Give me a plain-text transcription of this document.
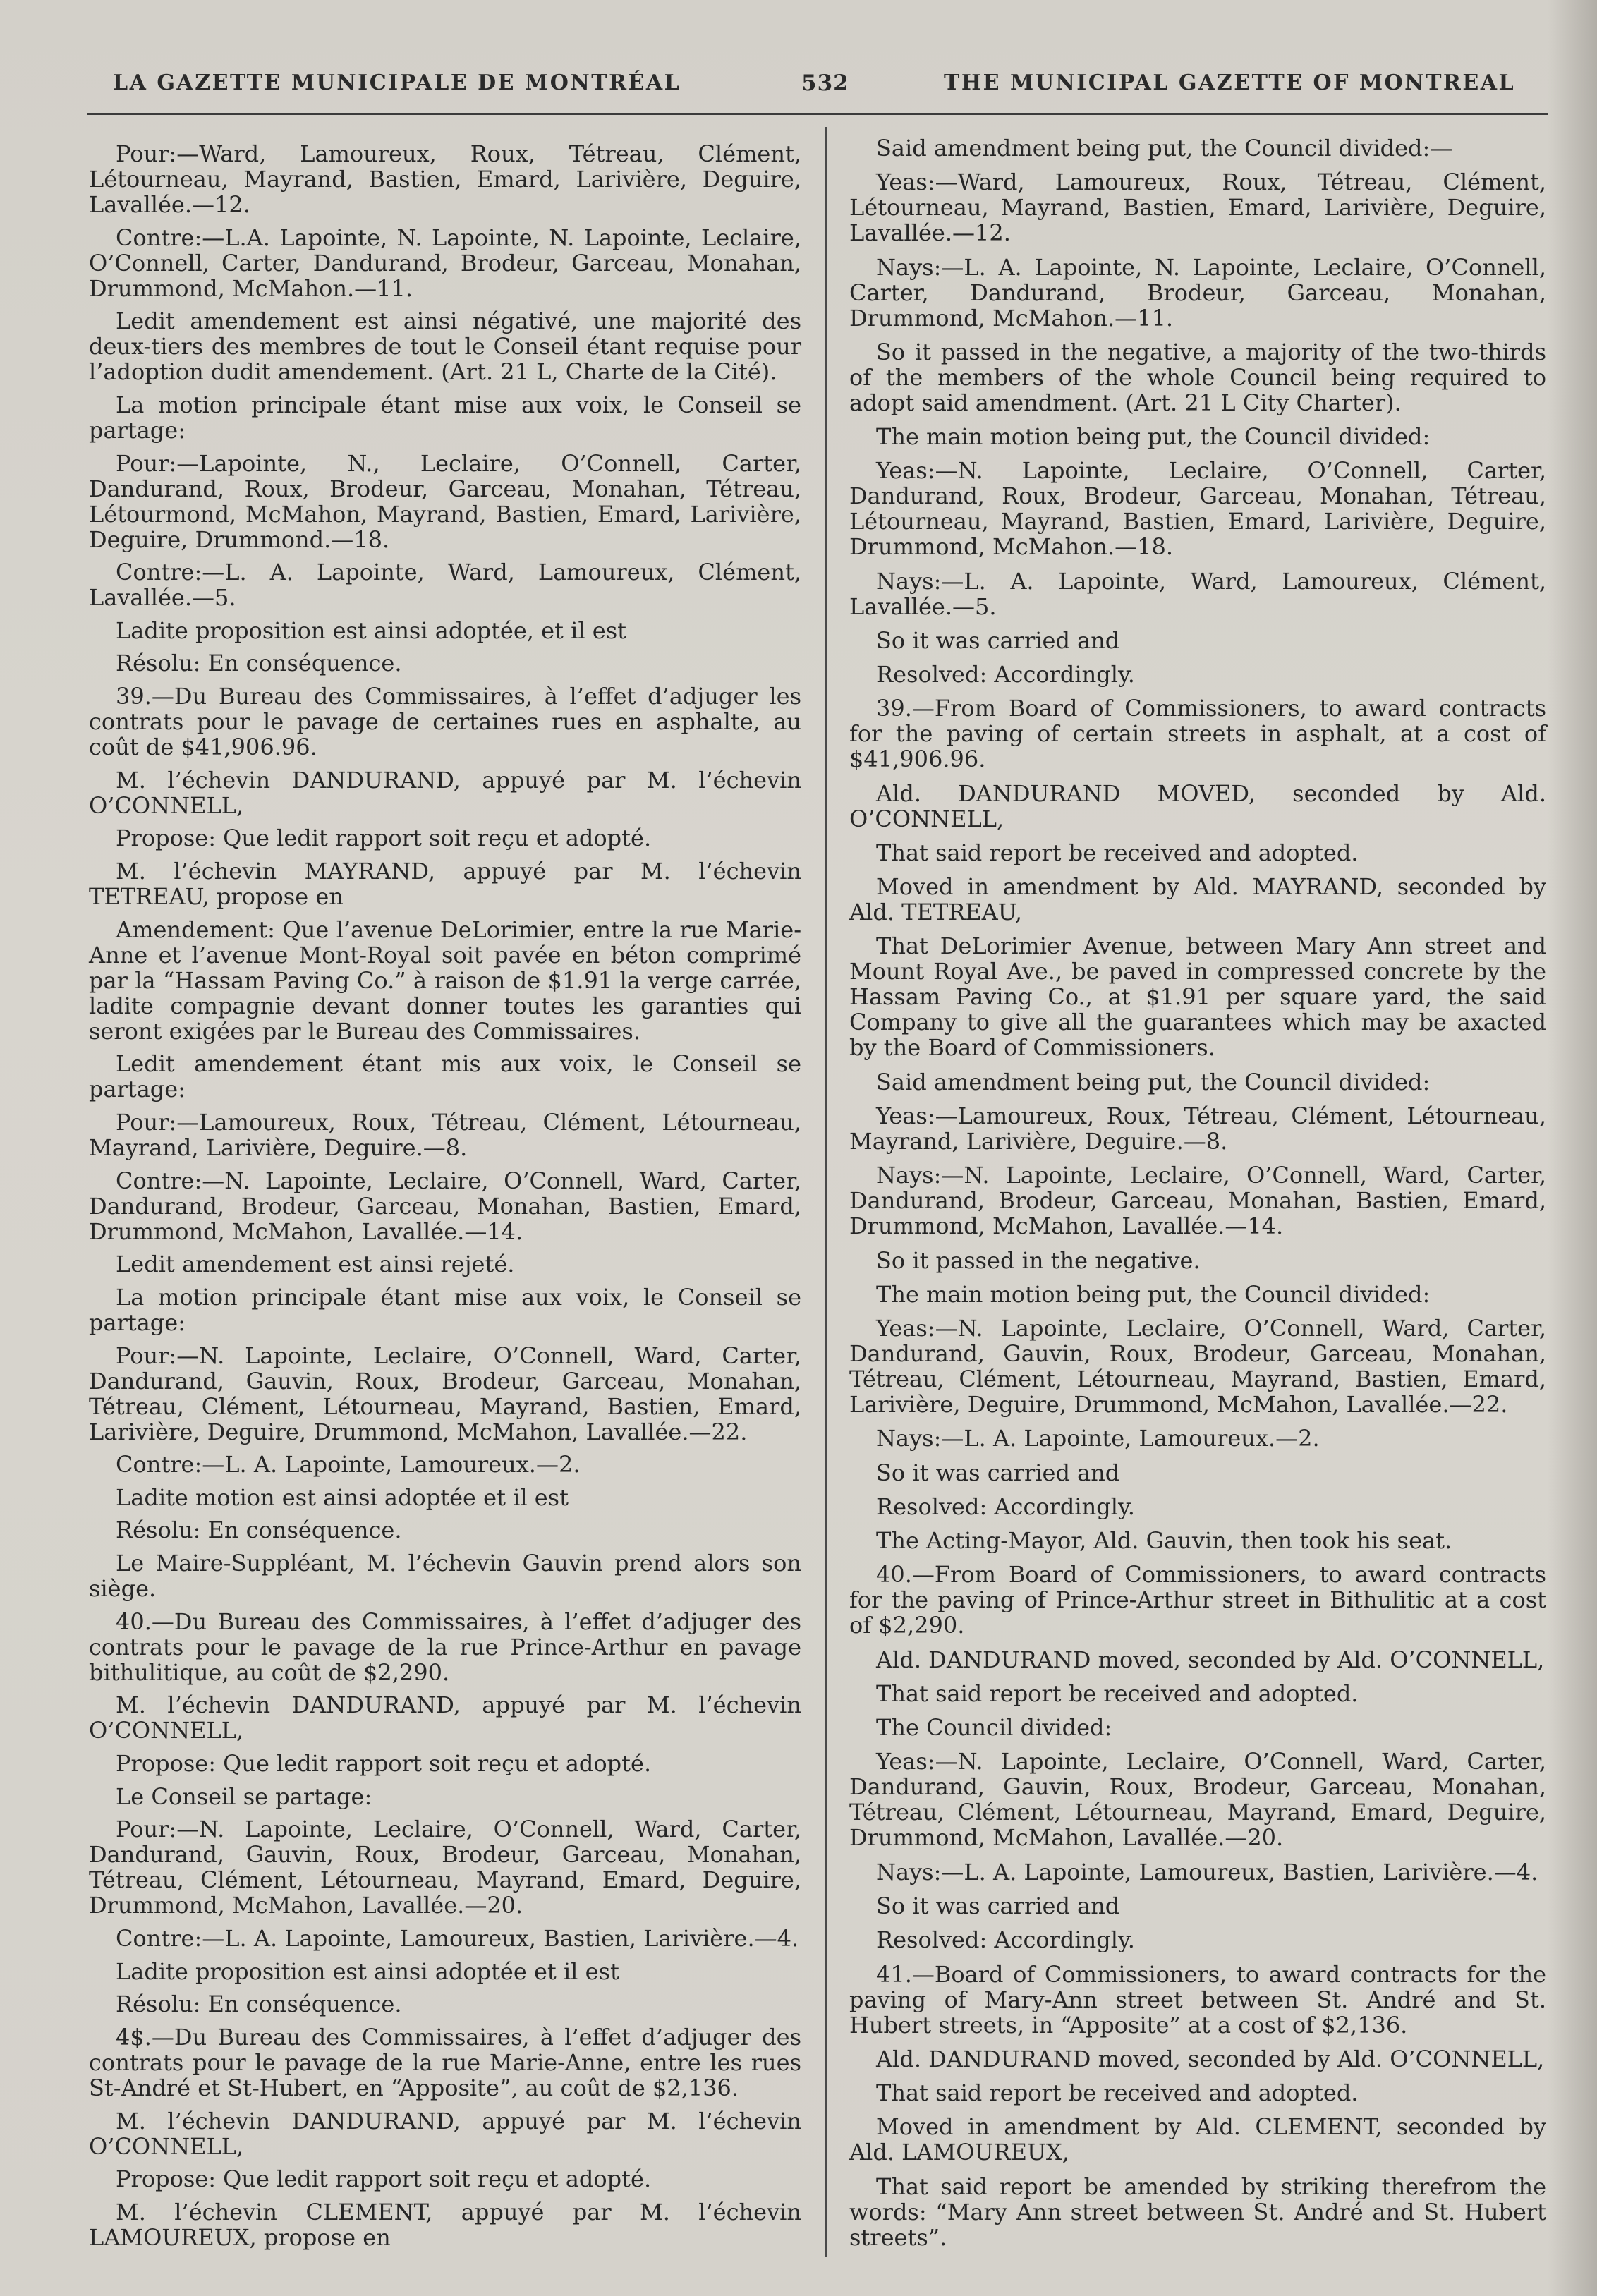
LA GAZETTE MUNICIPALE DE MONTRÉAL	532	THE MUNICIPAL GAZETTE OF MONTREAL

Pour:—Ward, Lamoureux, Roux, Tétreau, Clément, Létourneau, Mayrand, Bastien, Emard, Larivière, Deguire, Lavallée.—12.

Contre:—L.A. Lapointe, N. Lapointe, N. Lapointe, Leclaire, O’Connell, Carter, Dandurand, Brodeur, Garceau, Monahan, Drummond, McMahon.—11.

Ledit amendement est ainsi négativé, une majorité des deux-tiers des membres de tout le Conseil étant requise pour l’adoption dudit amendement. (Art. 21 L, Charte de la Cité).

La motion principale étant mise aux voix, le Conseil se partage:

Pour:—Lapointe, N., Leclaire, O’Connell, Carter, Dandurand, Roux, Brodeur, Garceau, Monahan, Tétreau, Létourmond, McMahon, Mayrand, Bastien, Emard, Larivière, Deguire, Drummond.—18.

Contre:—L. A. Lapointe, Ward, Lamoureux, Clément, Lavallée.—5.

Ladite proposition est ainsi adoptée, et il est

Résolu: En conséquence.

39.—Du Bureau des Commissaires, à l’effet d’adjuger les contrats pour le pavage de certaines rues en asphalte, au coût de $41,906.96.

M. l’échevin DANDURAND, appuyé par M. l’échevin O’CONNELL,

Propose: Que ledit rapport soit reçu et adopté.

M. l’échevin MAYRAND, appuyé par M. l’échevin TETREAU, propose en

Amendement: Que l’avenue DeLorimier, entre la rue Marie-Anne et l’avenue Mont-Royal soit pavée en béton comprimé par la “Hassam Paving Co.” à raison de $1.91 la verge carrée, ladite compagnie devant donner toutes les garanties qui seront exigées par le Bureau des Commissaires.

Ledit amendement étant mis aux voix, le Conseil se partage:

Pour:—Lamoureux, Roux, Tétreau, Clément, Létourneau, Mayrand, Larivière, Deguire.—8.

Contre:—N. Lapointe, Leclaire, O’Connell, Ward, Carter, Dandurand, Brodeur, Garceau, Monahan, Bastien, Emard, Drummond, McMahon, Lavallée.—14.

Ledit amendement est ainsi rejeté.

La motion principale étant mise aux voix, le Conseil se partage:

Pour:—N. Lapointe, Leclaire, O’Connell, Ward, Carter, Dandurand, Gauvin, Roux, Brodeur, Garceau, Monahan, Tétreau, Clément, Létourneau, Mayrand, Bastien, Emard, Larivière, Deguire, Drummond, McMahon, Lavallée.—22.

Contre:—L. A. Lapointe, Lamoureux.—2.

Ladite motion est ainsi adoptée et il est

Résolu: En conséquence.

Le Maire-Suppléant, M. l’échevin Gauvin prend alors son siège.

40.—Du Bureau des Commissaires, à l’effet d’adjuger des contrats pour le pavage de la rue Prince-Arthur en pavage bithulitique, au coût de $2,290.

M. l’échevin DANDURAND, appuyé par M. l’échevin O’CONNELL,

Propose: Que ledit rapport soit reçu et adopté.

Le Conseil se partage:

Pour:—N. Lapointe, Leclaire, O’Connell, Ward, Carter, Dandurand, Gauvin, Roux, Brodeur, Garceau, Monahan, Tétreau, Clément, Létourneau, Mayrand, Emard, Deguire, Drummond, McMahon, Lavallée.—20.

Contre:—L. A. Lapointe, Lamoureux, Bastien, Larivière.—4.

Ladite proposition est ainsi adoptée et il est

Résolu: En conséquence.

4$.—Du Bureau des Commissaires, à l’effet d’adjuger des contrats pour le pavage de la rue Marie-Anne, entre les rues St-André et St-Hubert, en “Apposite”, au coût de $2,136.

M. l’échevin DANDURAND, appuyé par M. l’échevin O’CONNELL,

Propose: Que ledit rapport soit reçu et adopté.

M. l’échevin CLEMENT, appuyé par M. l’échevin LAMOUREUX, propose en

Said amendment being put, the Council divided:—

Yeas:—Ward, Lamoureux, Roux, Tétreau, Clément, Létourneau, Mayrand, Bastien, Emard, Larivière, Deguire, Lavallée.—12.

Nays:—L. A. Lapointe, N. Lapointe, Leclaire, O’Connell, Carter, Dandurand, Brodeur, Garceau, Monahan, Drummond, McMahon.—11.

So it passed in the negative, a majority of the two-thirds of the members of the whole Council being required to adopt said amendment. (Art. 21 L City Charter).

The main motion being put, the Council divided:

Yeas:—N. Lapointe, Leclaire, O’Connell, Carter, Dandurand, Roux, Brodeur, Garceau, Monahan, Tétreau, Létourneau, Mayrand, Bastien, Emard, Larivière, Deguire, Drummond, McMahon.—18.

Nays:—L. A. Lapointe, Ward, Lamoureux, Clément, Lavallée.—5.

So it was carried and

Resolved: Accordingly.

39.—From Board of Commissioners, to award contracts for the paving of certain streets in asphalt, at a cost of $41,906.96.

Ald. DANDURAND MOVED, seconded by Ald. O’CONNELL,

That said report be received and adopted.

Moved in amendment by Ald. MAYRAND, seconded by Ald. TETREAU,

That DeLorimier Avenue, between Mary Ann street and Mount Royal Ave., be paved in compressed concrete by the Hassam Paving Co., at $1.91 per square yard, the said Company to give all the guarantees which may be axacted by the Board of Commissioners.

Said amendment being put, the Council divided:

Yeas:—Lamoureux, Roux, Tétreau, Clément, Létourneau, Mayrand, Larivière, Deguire.—8.

Nays:—N. Lapointe, Leclaire, O’Connell, Ward, Carter, Dandurand, Brodeur, Garceau, Monahan, Bastien, Emard, Drummond, McMahon, Lavallée.—14.

So it passed in the negative.

The main motion being put, the Council divided:

Yeas:—N. Lapointe, Leclaire, O’Connell, Ward, Carter, Dandurand, Gauvin, Roux, Brodeur, Garceau, Monahan, Tétreau, Clément, Létourneau, Mayrand, Bastien, Emard, Larivière, Deguire, Drummond, McMahon, Lavallée.—22.

Nays:—L. A. Lapointe, Lamoureux.—2.

So it was carried and

Resolved: Accordingly.

The Acting-Mayor, Ald. Gauvin, then took his seat.

40.—From Board of Commissioners, to award contracts for the paving of Prince-Arthur street in Bithulitic at a cost of $2,290.

Ald. DANDURAND moved, seconded by Ald. O’CONNELL,

That said report be received and adopted.

The Council divided:

Yeas:—N. Lapointe, Leclaire, O’Connell, Ward, Carter, Dandurand, Gauvin, Roux, Brodeur, Garceau, Monahan, Tétreau, Clément, Létourneau, Mayrand, Emard, Deguire, Drummond, McMahon, Lavallée.—20.

Nays:—L. A. Lapointe, Lamoureux, Bastien, Larivière.—4.

So it was carried and

Resolved: Accordingly.

41.—Board of Commissioners, to award contracts for the paving of Mary-Ann street between St. André and St. Hubert streets, in “Apposite” at a cost of $2,136.

Ald. DANDURAND moved, seconded by Ald. O’CONNELL,

That said report be received and adopted.

Moved in amendment by Ald. CLEMENT, seconded by Ald. LAMOUREUX,

That said report be amended by striking therefrom the words: “Mary Ann street between St. André and St. Hubert streets”.
